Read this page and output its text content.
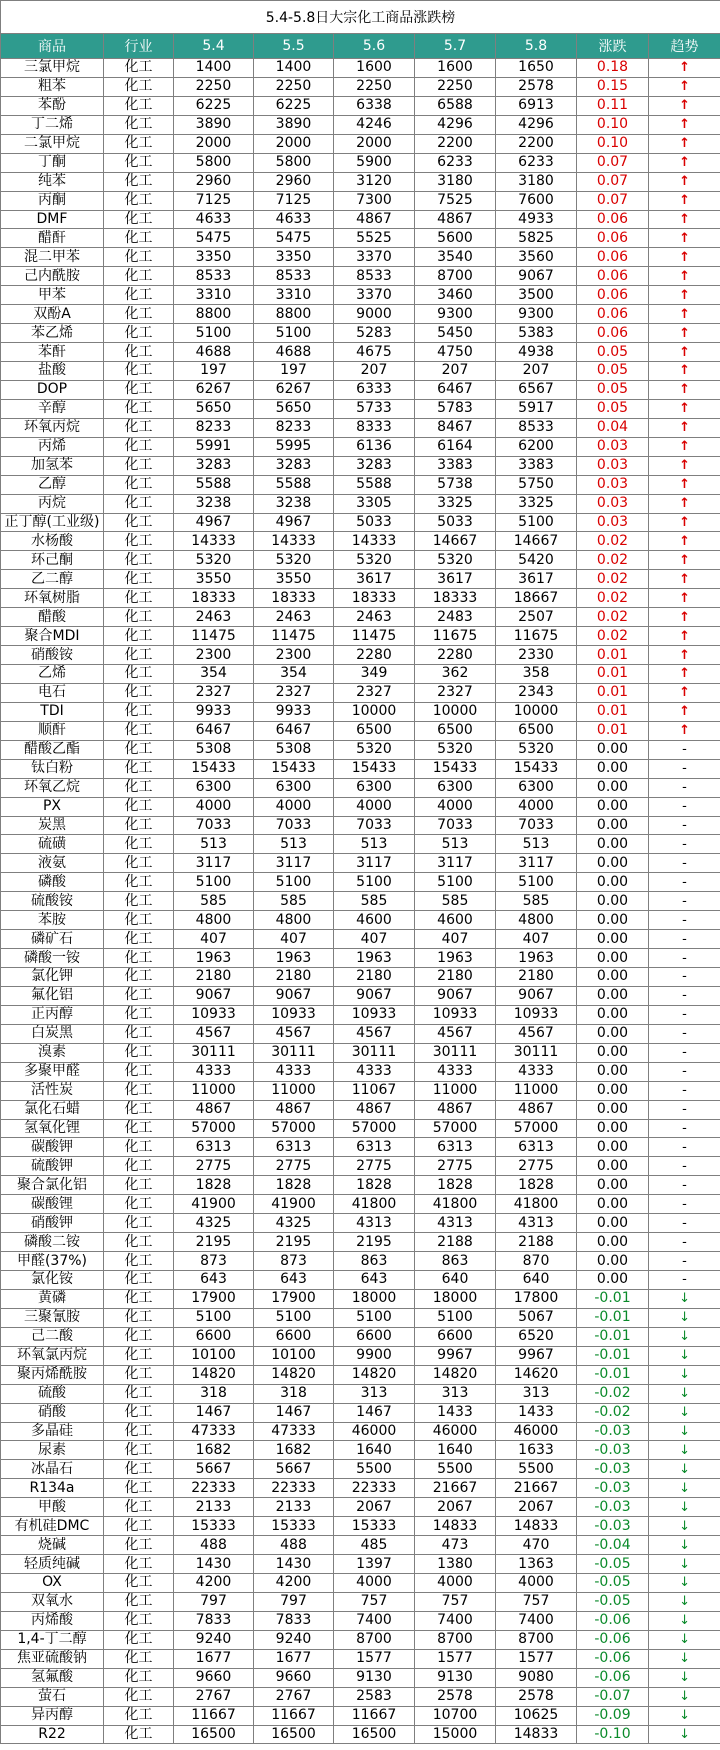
5.4-5.8日大宗化工商品涨跌榜								
商品	行业	5.4	5.5	5.6	5.7	5.8	涨跌	趋势
三氯甲烷	化工	1400	1400	1600	1600	1650	0.18	↑
粗苯	化工	2250	2250	2250	2250	2578	0.15	↑
苯酚	化工	6225	6225	6338	6588	6913	0.11	↑
丁二烯	化工	3890	3890	4246	4296	4296	0.10	↑
二氯甲烷	化工	2000	2000	2000	2200	2200	0.10	↑
丁酮	化工	5800	5800	5900	6233	6233	0.07	↑
纯苯	化工	2960	2960	3120	3180	3180	0.07	↑
丙酮	化工	7125	7125	7300	7525	7600	0.07	↑
DMF	化工	4633	4633	4867	4867	4933	0.06	↑
醋酐	化工	5475	5475	5525	5600	5825	0.06	↑
混二甲苯	化工	3350	3350	3370	3540	3560	0.06	↑
己内酰胺	化工	8533	8533	8533	8700	9067	0.06	↑
甲苯	化工	3310	3310	3370	3460	3500	0.06	↑
双酚A	化工	8800	8800	9000	9300	9300	0.06	↑
苯乙烯	化工	5100	5100	5283	5450	5383	0.06	↑
苯酐	化工	4688	4688	4675	4750	4938	0.05	↑
盐酸	化工	197	197	207	207	207	0.05	↑
DOP	化工	6267	6267	6333	6467	6567	0.05	↑
辛醇	化工	5650	5650	5733	5783	5917	0.05	↑
环氧丙烷	化工	8233	8233	8333	8467	8533	0.04	↑
丙烯	化工	5991	5995	6136	6164	6200	0.03	↑
加氢苯	化工	3283	3283	3283	3383	3383	0.03	↑
乙醇	化工	5588	5588	5588	5738	5750	0.03	↑
丙烷	化工	3238	3238	3305	3325	3325	0.03	↑
正丁醇(工业级)	化工	4967	4967	5033	5033	5100	0.03	↑
水杨酸	化工	14333	14333	14333	14667	14667	0.02	↑
环己酮	化工	5320	5320	5320	5320	5420	0.02	↑
乙二醇	化工	3550	3550	3617	3617	3617	0.02	↑
环氧树脂	化工	18333	18333	18333	18333	18667	0.02	↑
醋酸	化工	2463	2463	2463	2483	2507	0.02	↑
聚合MDI	化工	11475	11475	11475	11675	11675	0.02	↑
硝酸铵	化工	2300	2300	2280	2280	2330	0.01	↑
乙烯	化工	354	354	349	362	358	0.01	↑
电石	化工	2327	2327	2327	2327	2343	0.01	↑
TDI	化工	9933	9933	10000	10000	10000	0.01	↑
顺酐	化工	6467	6467	6500	6500	6500	0.01	↑
醋酸乙酯	化工	5308	5308	5320	5320	5320	0.00	-
钛白粉	化工	15433	15433	15433	15433	15433	0.00	-
环氧乙烷	化工	6300	6300	6300	6300	6300	0.00	-
PX	化工	4000	4000	4000	4000	4000	0.00	-
炭黑	化工	7033	7033	7033	7033	7033	0.00	-
硫磺	化工	513	513	513	513	513	0.00	-
液氨	化工	3117	3117	3117	3117	3117	0.00	-
磷酸	化工	5100	5100	5100	5100	5100	0.00	-
硫酸铵	化工	585	585	585	585	585	0.00	-
苯胺	化工	4800	4800	4600	4600	4800	0.00	-
磷矿石	化工	407	407	407	407	407	0.00	-
磷酸一铵	化工	1963	1963	1963	1963	1963	0.00	-
氯化钾	化工	2180	2180	2180	2180	2180	0.00	-
氟化铝	化工	9067	9067	9067	9067	9067	0.00	-
正丙醇	化工	10933	10933	10933	10933	10933	0.00	-
白炭黑	化工	4567	4567	4567	4567	4567	0.00	-
溴素	化工	30111	30111	30111	30111	30111	0.00	-
多聚甲醛	化工	4333	4333	4333	4333	4333	0.00	-
活性炭	化工	11000	11000	11067	11000	11000	0.00	-
氯化石蜡	化工	4867	4867	4867	4867	4867	0.00	-
氢氧化锂	化工	57000	57000	57000	57000	57000	0.00	-
碳酸钾	化工	6313	6313	6313	6313	6313	0.00	-
硫酸钾	化工	2775	2775	2775	2775	2775	0.00	-
聚合氯化铝	化工	1828	1828	1828	1828	1828	0.00	-
碳酸锂	化工	41900	41900	41800	41800	41800	0.00	-
硝酸钾	化工	4325	4325	4313	4313	4313	0.00	-
磷酸二铵	化工	2195	2195	2195	2188	2188	0.00	-
甲醛(37%)	化工	873	873	863	863	870	0.00	-
氯化铵	化工	643	643	643	640	640	0.00	-
黄磷	化工	17900	17900	18000	18000	17800	-0.01	↓
三聚氰胺	化工	5100	5100	5100	5100	5067	-0.01	↓
己二酸	化工	6600	6600	6600	6600	6520	-0.01	↓
环氧氯丙烷	化工	10100	10100	9900	9967	9967	-0.01	↓
聚丙烯酰胺	化工	14820	14820	14820	14820	14620	-0.01	↓
硫酸	化工	318	318	313	313	313	-0.02	↓
硝酸	化工	1467	1467	1467	1433	1433	-0.02	↓
多晶硅	化工	47333	47333	46000	46000	46000	-0.03	↓
尿素	化工	1682	1682	1640	1640	1633	-0.03	↓
冰晶石	化工	5667	5667	5500	5500	5500	-0.03	↓
R134a	化工	22333	22333	22333	21667	21667	-0.03	↓
甲酸	化工	2133	2133	2067	2067	2067	-0.03	↓
有机硅DMC	化工	15333	15333	15333	14833	14833	-0.03	↓
烧碱	化工	488	488	485	473	470	-0.04	↓
轻质纯碱	化工	1430	1430	1397	1380	1363	-0.05	↓
OX	化工	4200	4200	4000	4000	4000	-0.05	↓
双氧水	化工	797	797	757	757	757	-0.05	↓
丙烯酸	化工	7833	7833	7400	7400	7400	-0.06	↓
1,4-丁二醇	化工	9240	9240	8700	8700	8700	-0.06	↓
焦亚硫酸钠	化工	1677	1677	1577	1577	1577	-0.06	↓
氢氟酸	化工	9660	9660	9130	9130	9080	-0.06	↓
萤石	化工	2767	2767	2583	2578	2578	-0.07	↓
异丙醇	化工	11667	11667	11667	10700	10625	-0.09	↓
R22	化工	16500	16500	16500	15000	14833	-0.10	↓
